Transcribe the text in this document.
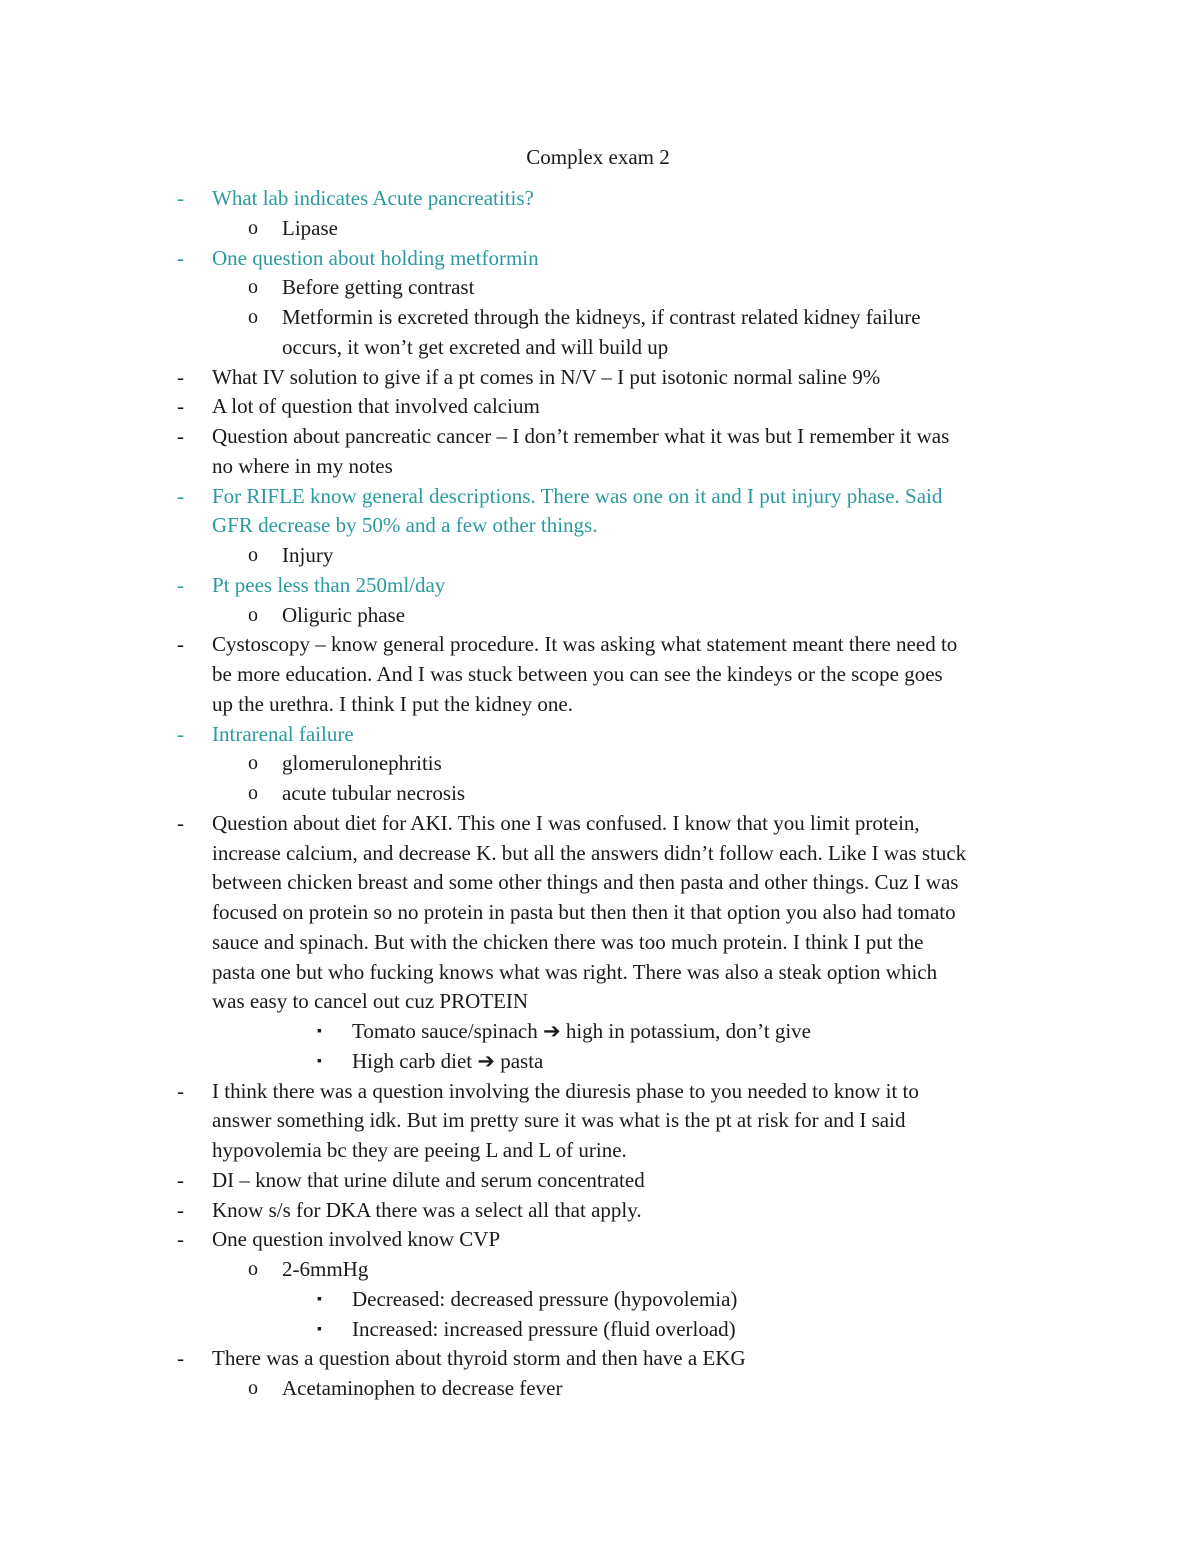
Complex exam 2
- What lab indicates Acute pancreatitis?
o Lipase
- One question about holding metformin
o Before getting contrast
o Metformin is excreted through the kidneys, if contrast related kidney failure
occurs, it won’t get excreted and will build up
- What IV solution to give if a pt comes in N/V – I put isotonic normal saline 9%
- A lot of question that involved calcium
- Question about pancreatic cancer – I don’t remember what it was but I remember it was
no where in my notes
- For RIFLE know general descriptions. There was one on it and I put injury phase. Said
GFR decrease by 50% and a few other things.
o Injury
- Pt pees less than 250ml/day
o Oliguric phase
- Cystoscopy – know general procedure. It was asking what statement meant there need to
be more education. And I was stuck between you can see the kindeys or the scope goes
up the urethra. I think I put the kidney one.
- Intrarenal failure
o glomerulonephritis
o acute tubular necrosis
- Question about diet for AKI. This one I was confused. I know that you limit protein,
increase calcium, and decrease K. but all the answers didn’t follow each. Like I was stuck
between chicken breast and some other things and then pasta and other things. Cuz I was
focused on protein so no protein in pasta but then then it that option you also had tomato
sauce and spinach. But with the chicken there was too much protein. I think I put the
pasta one but who fucking knows what was right. There was also a steak option which
was easy to cancel out cuz PROTEIN
▪ Tomato sauce/spinach ➔ high in potassium, don’t give
▪ High carb diet ➔ pasta
- I think there was a question involving the diuresis phase to you needed to know it to
answer something idk. But im pretty sure it was what is the pt at risk for and I said
hypovolemia bc they are peeing L and L of urine.
- DI – know that urine dilute and serum concentrated
- Know s/s for DKA there was a select all that apply.
- One question involved know CVP
o 2-6mmHg
▪ Decreased: decreased pressure (hypovolemia)
▪ Increased: increased pressure (fluid overload)
- There was a question about thyroid storm and then have a EKG
o Acetaminophen to decrease fever
